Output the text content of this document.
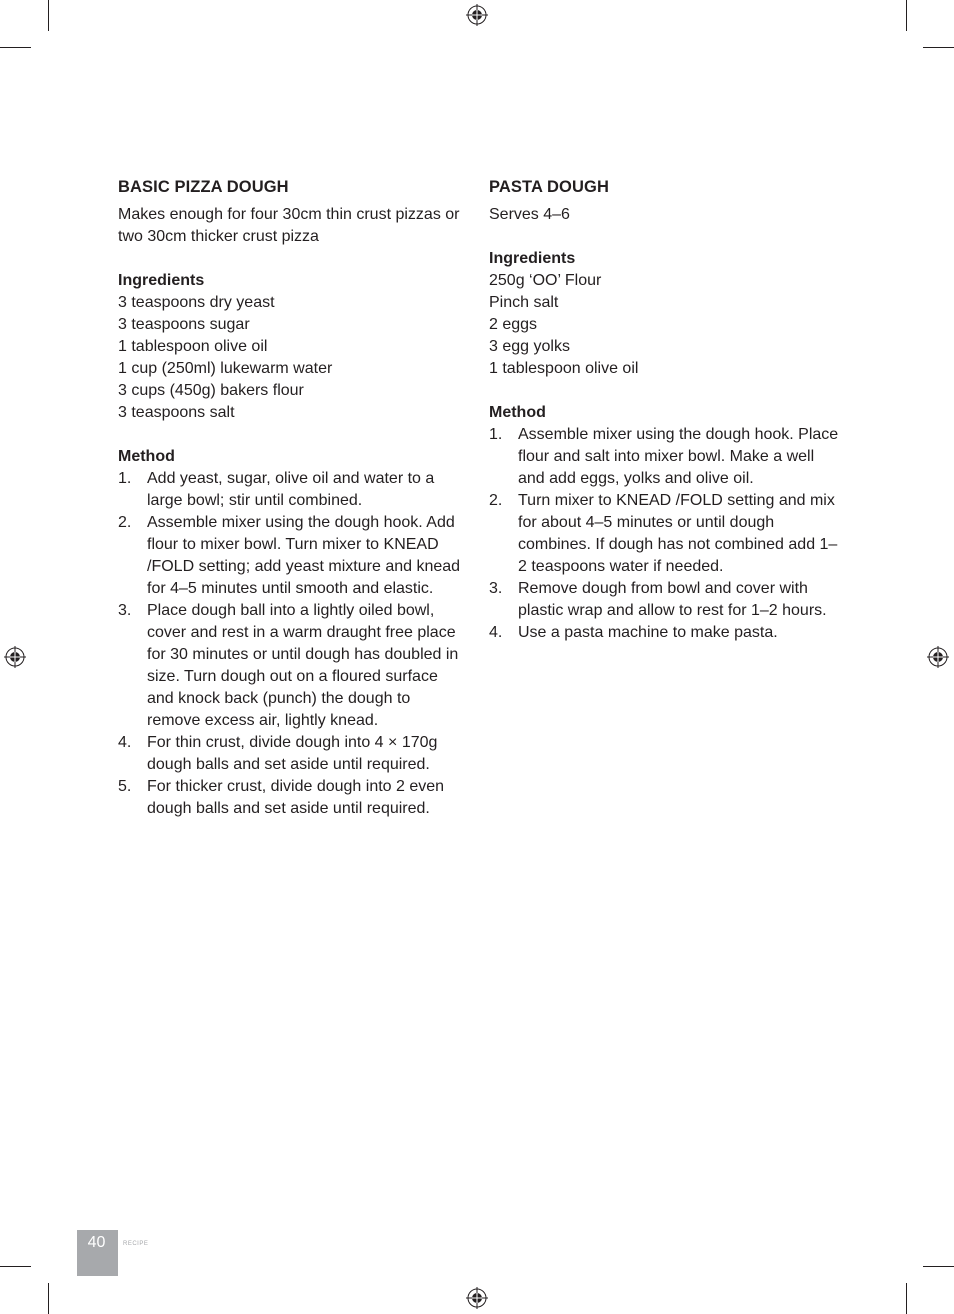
BASIC PIZZA DOUGH

Makes enough for four 30cm thin crust pizzas or two 30cm thicker crust pizza

Ingredients
3 teaspoons dry yeast
3 teaspoons sugar
1 tablespoon olive oil
1 cup (250ml) lukewarm water
3 cups (450g) bakers flour
3 teaspoons salt
Method
1. Add yeast, sugar, olive oil and water to a large bowl; stir until combined.
2. Assemble mixer using the dough hook. Add flour to mixer bowl. Turn mixer to KNEAD /FOLD setting; add yeast mixture and knead for 4–5 minutes until smooth and elastic.
3. Place dough ball into a lightly oiled bowl, cover and rest in a warm draught free place for 30 minutes or until dough has doubled in size. Turn dough out on a floured surface and knock back (punch) the dough to remove excess air, lightly knead.
4. For thin crust, divide dough into 4 × 170g dough balls and set aside until required.
5. For thicker crust, divide dough into 2 even dough balls and set aside until required.
PASTA DOUGH

Serves 4–6

Ingredients
250g ‘OO’ Flour
Pinch salt
2 eggs
3 egg yolks
1 tablespoon olive oil
Method
1. Assemble mixer using the dough hook. Place flour and salt into mixer bowl. Make a well and add eggs, yolks and olive oil.
2. Turn mixer to KNEAD /FOLD setting and mix for about 4–5 minutes or until dough combines. If dough has not combined add 1–2 teaspoons water if needed.
3. Remove dough from bowl and cover with plastic wrap and allow to rest for 1–2 hours.
4. Use a pasta machine to make pasta.
40	RECIPE
